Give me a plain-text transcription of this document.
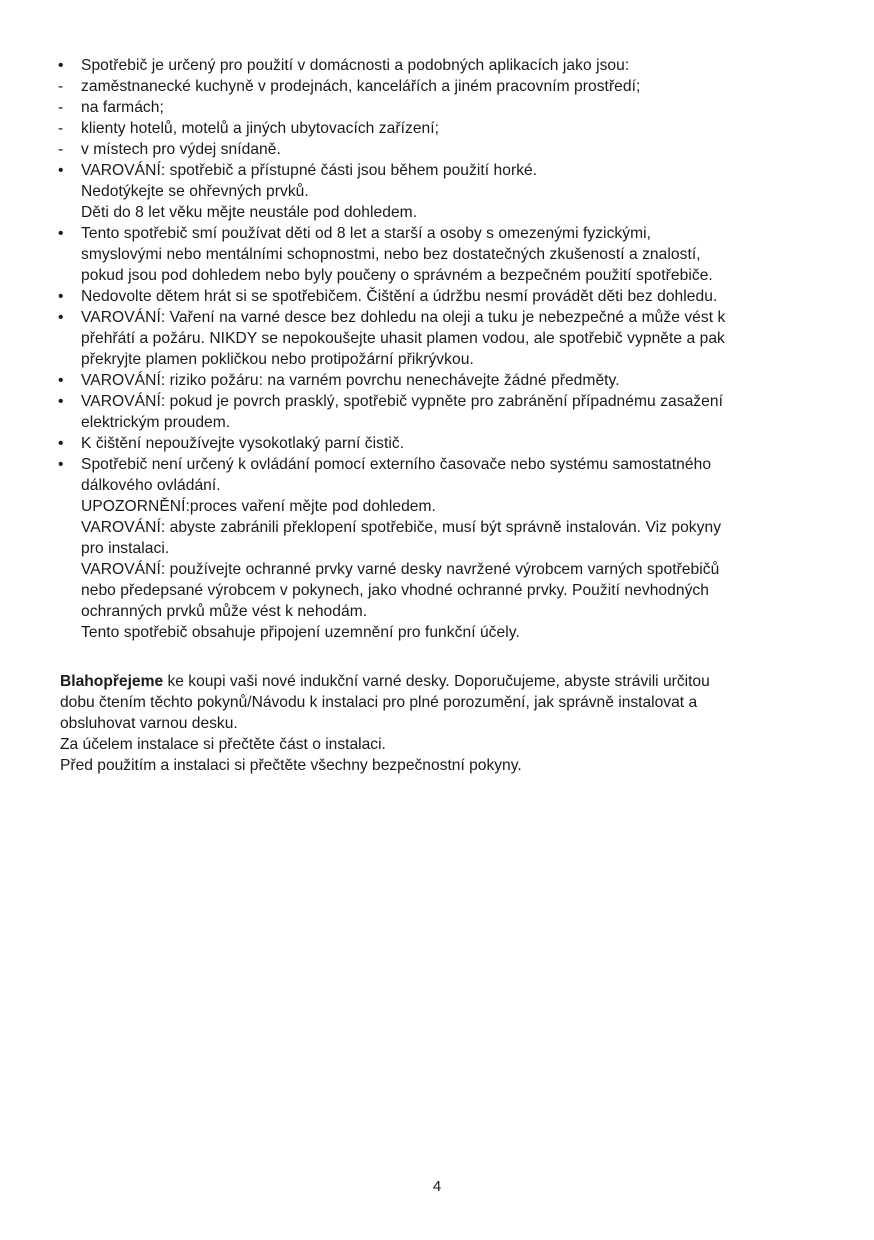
•	Spotřebič je určený pro použití v domácnosti a podobných aplikacích jako jsou:
-	zaměstnanecké kuchyně v prodejnách, kancelářích a jiném pracovním prostředí;
-	na farmách;
-	klienty hotelů, motelů a jiných ubytovacích zařízení;
-	v místech pro výdej snídaně.
•	VAROVÁNÍ: spotřebič a přístupné části jsou během použití horké.
Nedotýkejte se ohřevných prvků.
Děti do 8 let věku mějte neustále pod dohledem.
•	Tento spotřebič smí používat děti od 8 let a starší a osoby s omezenými fyzickými,
smyslovými nebo mentálními schopnostmi, nebo bez dostatečných zkušeností a znalostí,
pokud jsou pod dohledem nebo byly poučeny o správném a bezpečném použití spotřebiče.
•	Nedovolte dětem hrát si se spotřebičem. Čištění a údržbu nesmí provádět děti bez dohledu.
•	VAROVÁNÍ: Vaření na varné desce bez dohledu na oleji a tuku je nebezpečné a může vést k
přehřátí a požáru. NIKDY se nepokoušejte uhasit plamen vodou, ale spotřebič vypněte a pak
překryjte plamen pokličkou nebo protipožární přikrývkou.
•	VAROVÁNÍ: riziko požáru: na varném povrchu nenechávejte žádné předměty.
•	VAROVÁNÍ: pokud je povrch prasklý, spotřebič vypněte pro zabránění případnému zasažení
elektrickým proudem.
•	K čištění nepoužívejte vysokotlaký parní čistič.
•	Spotřebič není určený k ovládání pomocí externího časovače nebo systému samostatného
dálkového ovládání.
UPOZORNĚNÍ:proces vaření mějte pod dohledem.
VAROVÁNÍ: abyste zabránili překlopení spotřebiče, musí být správně instalován. Viz pokyny
pro instalaci.
VAROVÁNÍ: používejte ochranné prvky varné desky navržené výrobcem varných spotřebičů
nebo předepsané výrobcem v pokynech, jako vhodné ochranné prvky. Použití nevhodných
ochranných prvků může vést k nehodám.
Tento spotřebič obsahuje připojení uzemnění pro funkční účely.
Blahopřejeme ke koupi vaši nové indukční varné desky. Doporučujeme, abyste strávili určitou
dobu čtením těchto pokynů/Návodu k instalaci pro plné porozumění, jak správně instalovat a
obsluhovat varnou desku.
Za účelem instalace si přečtěte část o instalaci.
Před použitím a instalaci si přečtěte všechny bezpečnostní pokyny.
4
